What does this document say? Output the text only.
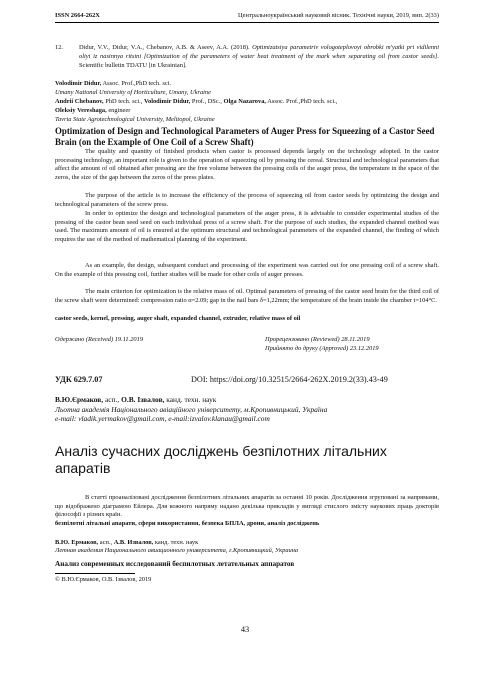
ISSN 2664-262X	Центральноукраїнський науковий вісник. Технічні науки, 2019, вип. 2(33)
12.	Didur, V.V., Didur, V.A., Chebanov, A.B. & Aseev, A.A. (2018). Optimizatsiya parametriv vologoteplovoyi obrobki m'yatki pri vidilenni oliyi iz nasinnya ritsini [Optimization of the parameters of water heat treatment of the mark when separating oil from castor seeds]. Scientific bulletin TDATU [in Ukrainian].
Volodimir Didur, Assoc. Prof.,PhD tech. sci.
Umany National University of Horticulture, Umany, Ukraine
Andrii Chebanov, PhD tech. sci., Volodimir Didur, Prof., DSc., Olga Nazarova, Assoc. Prof.,PhD tech. sci.,
Oleksiy Vereshaga, engineer
Tavria State Agrotechnological University, Melitopol, Ukraine
Optimization of Design and Technological Parameters of Auger Press for Squeezing of a Castor Seed Brain (on the Example of One Coil of a Screw Shaft)

The quality and quantity of finished products when castor is processed depends largely on the technology adopted. In the castor processing technology, an important role is given to the operation of squeezing oil by pressing the cereal. Structural and technological parameters that affect the amount of oil obtained after pressing are the free volume between the pressing coils of the auger press, the temperature in the space of the zeros, the size of the gap between the zeros of the press plates.

The purpose of the article is to increase the efficiency of the process of squeezing oil from castor seeds by optimizing the design and technological parameters of the screw press.

In order to optimize the design and technological parameters of the auger press, it is advisable to consider experimental studies of the pressing of the castor bean seed seed on each individual press of a screw shaft. For the purpose of such studies, the expanded channel method was used. The maximum amount of oil is ensured at the optimum structural and technological parameters of the expanded channel, the finding of which requires the use of the method of mathematical planning of the experiment.

As an example, the design, subsequent conduct and processing of the experiment was carried out for one pressing coil of a screw shaft. On the example of this pressing coil, further studies will be made for other coils of auger presses.

The main criterion for optimization is the relative mass of oil. Optimal parameters of pressing of the castor seed brain for the third coil of the screw shaft were determined: compression ratio α=2.09; gap in the nail bars δ=1,22mm; the temperature of the brain inside the chamber t=104°C.

castor seeds, kernel, pressing, auger shaft, expanded channel, extruder, relative mass of oil
Одержано (Received) 19.11.2019	Прорецензовано (Reviewed) 28.11.2019
Прийнято до друку (Approved) 23.12.2019
УДК 629.7.07	DOI: https://doi.org/10.32515/2664-262X.2019.2(33).43-49
В.Ю.Єрмаков, асп., О.В. Ізвалов, канд. техн. наук
Льотна академія Національного авіаційного університету, м.Кропивницький, Україна
e-mail: vladik.yermakov@gmail.com, e-mail:izvalov.klanau@gmail.com
Аналіз сучасних досліджень безпілотних літальних апаратів
В статті проаналізовані дослідження безпілотних літальних апаратів за останні 10 років. Дослідження згруповані за напрямами, що відображено діаграмою Ейлера. Для кожного напряму надано декілька прикладів у вигляді стислого змісту наукових праць докторів філософії з різних країн.
безпілотні літальні апарати, сфери використання, безпека БПЛА, дрони, аналіз досліджень
В.Ю. Ермаков, асп., А.В. Извалов, канд. техн. наук
Летная академия Национального авиационного университета, г.Кропивницкий, Украина
Анализ современных исследований беспилотных летательных аппаратов
© В.Ю.Єрмаков, О.В. Ізвалов, 2019
43
